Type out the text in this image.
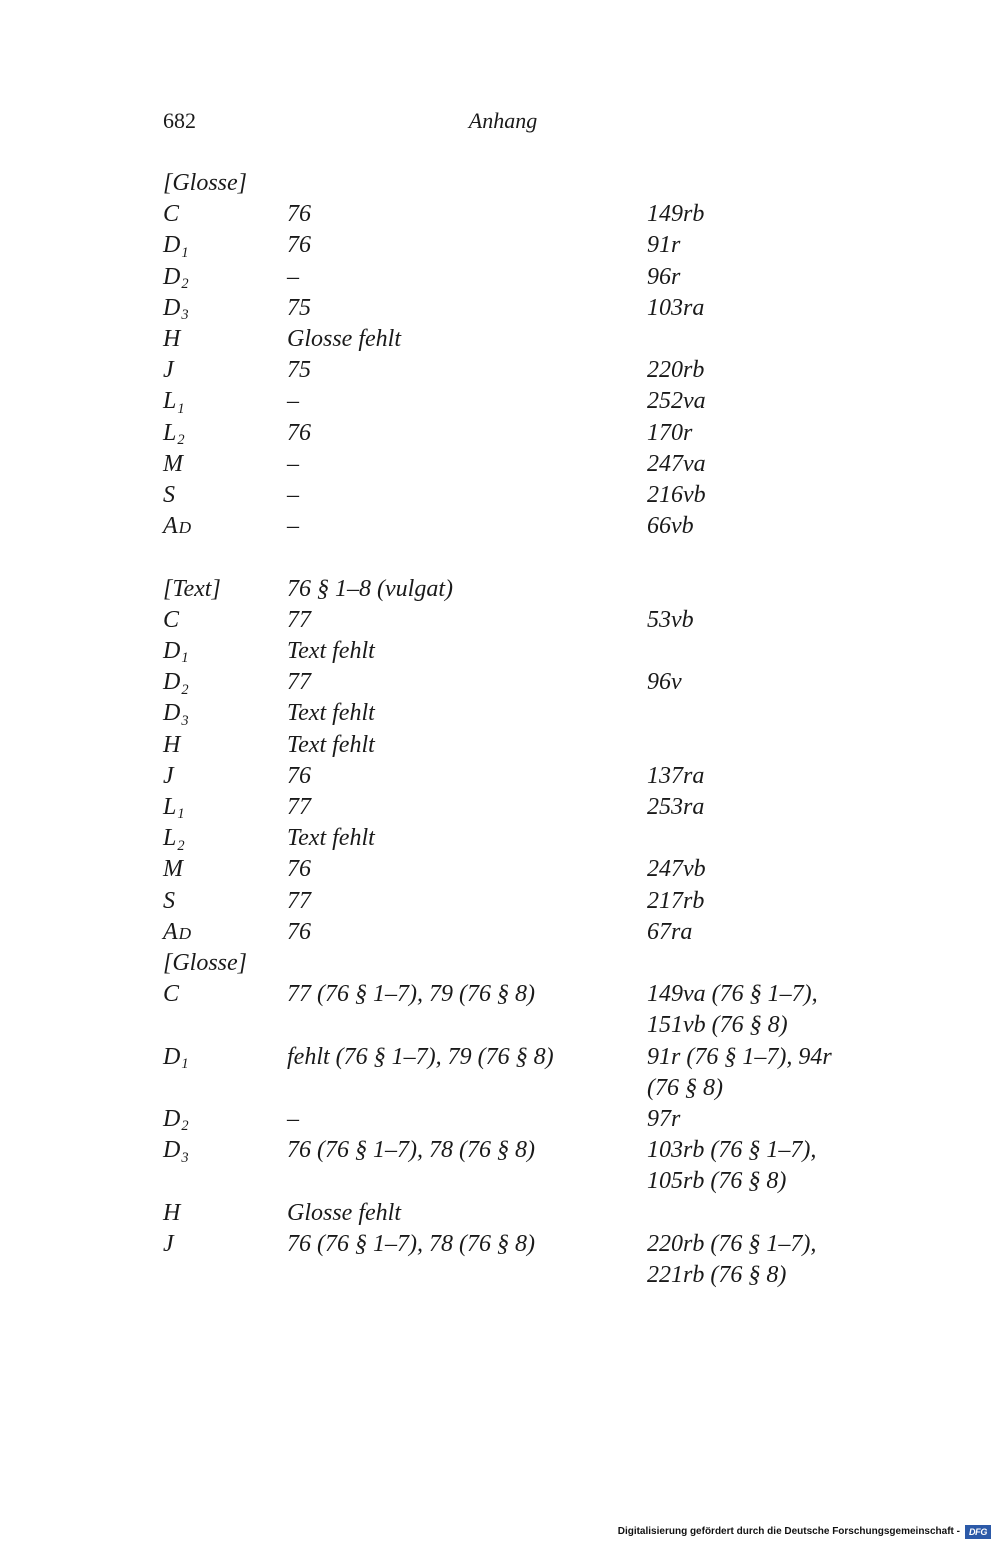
682	Anhang
[Glosse]
C	76	149rb
D1	76	91r
D2	–	96r
D3	75	103ra
H	Glosse fehlt
J	75	220rb
L1	–	252va
L2	76	170r
M	–	247va
S	–	216vb
AD	–	66vb
[Text]	76 § 1–8 (vulgat)
C	77	53vb
D1	Text fehlt
D2	77	96v
D3	Text fehlt
H	Text fehlt
J	76	137ra
L1	77	253ra
L2	Text fehlt
M	76	247vb
S	77	217rb
AD	76	67ra
[Glosse]
C	77 (76 § 1–7), 79 (76 § 8)	149va (76 § 1–7),
151vb (76 § 8)
D1	fehlt (76 § 1–7), 79 (76 § 8)	91r (76 § 1–7), 94r
(76 § 8)
D2	–	97r
D3	76 (76 § 1–7), 78 (76 § 8)	103rb (76 § 1–7),
105rb (76 § 8)
H	Glosse fehlt
J	76 (76 § 1–7), 78 (76 § 8)	220rb (76 § 1–7),
221rb (76 § 8)
Digitalisierung gefördert durch die Deutsche Forschungsgemeinschaft - DFG
